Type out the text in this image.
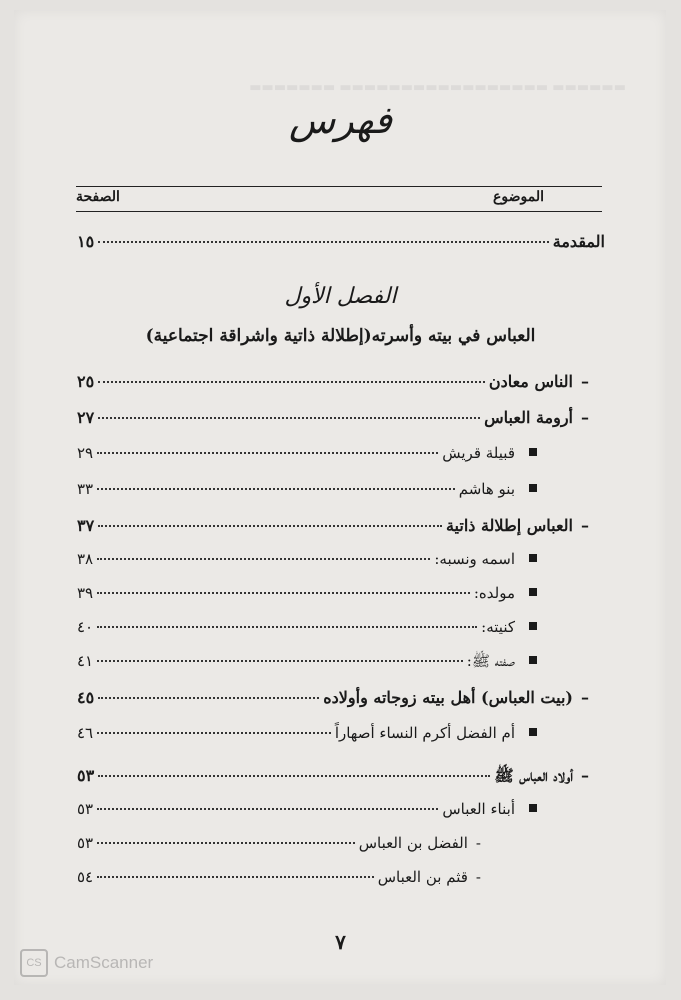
▬▬▬▬▬▬ ▬▬▬▬▬▬▬▬▬▬▬▬▬▬▬▬▬ ▬▬▬▬▬▬▬
فهرس
الموضوع
الصفحة
المقدمة
١٥
الفصل الأول
العباس في بيته وأسرته(إطلالة ذاتية واشراقة اجتماعية)
–
الناس معادن
٢٥
–
أرومة العباس
٢٧
قبيلة قريش
٢٩
بنو هاشم
٣٣
–
العباس إطلالة ذاتية
٣٧
اسمه ونسبه:
٣٨
مولده:
٣٩
كنيته:
٤٠
صفته ﷺ:
٤١
–
(بيت العباس) أهل بيته زوجاته وأولاده
٤٥
أم الفضل أكرم النساء أصهاراً
٤٦
–
أولاد العباس ﷺ
٥٣
أبناء العباس
٥٣
-
الفضل بن العباس
٥٣
-
قثم بن العباس
٥٤
٧
CS CamScanner
